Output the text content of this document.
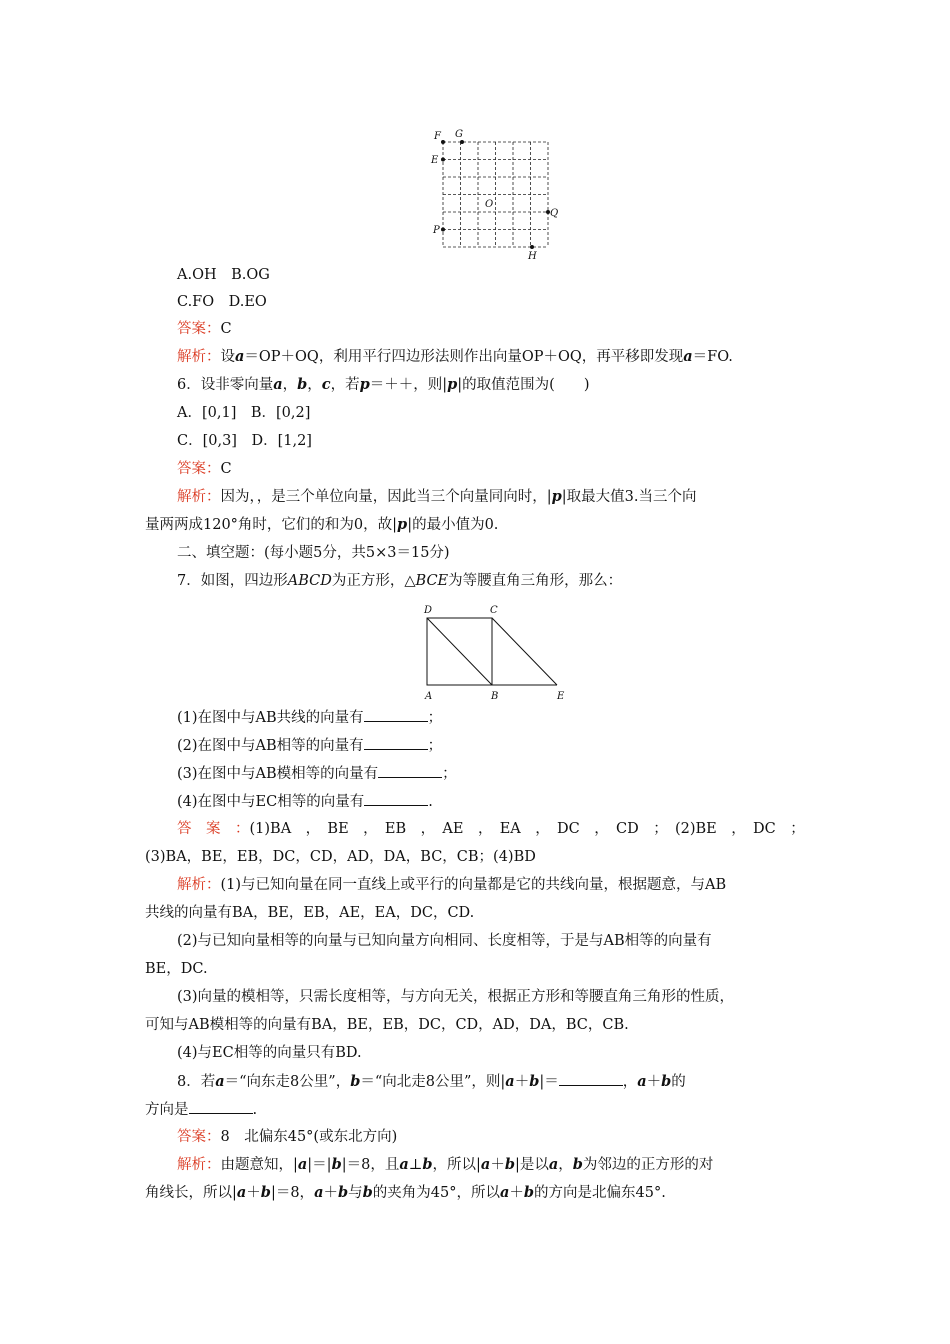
F G
E
O
Q
P
H
A.OH　B.OG
C.FO　D.EO
答案：C
解析：设a＝OP＋OQ，利用平行四边形法则作出向量OP＋OQ，再平移即发现a＝FO.
6．设非零向量a，b，c，若p＝＋＋，则|p|的取值范围为(　　)
A．[0,1]　B．[0,2]
C．[0,3]　D．[1,2]
答案：C
解析：因为，，是三个单位向量，因此当三个向量同向时，|p|取最大值3.当三个向
量两两成120°角时，它们的和为0，故|p|的最小值为0.
二、填空题：(每小题5分，共5×3＝15分)
7．如图，四边形ABCD为正方形，△BCE为等腰直角三角形，那么：
D	C
A	B	E
(1)在图中与AB共线的向量有	；
(2)在图中与AB相等的向量有	；
(3)在图中与AB模相等的向量有	；
(4)在图中与EC相等的向量有	.
答　案　：(1)BA　，　BE　，　EB　，　AE　，　EA　，　DC　，　CD　；　(2)BE　，　DC　；
(3)BA，BE，EB，DC，CD，AD，DA，BC，CB；(4)BD
解析：(1)与已知向量在同一直线上或平行的向量都是它的共线向量，根据题意，与AB
共线的向量有BA，BE，EB，AE，EA，DC，CD.
(2)与已知向量相等的向量与已知向量方向相同、长度相等，于是与AB相等的向量有
BE，DC.
(3)向量的模相等，只需长度相等，与方向无关，根据正方形和等腰直角三角形的性质，
可知与AB模相等的向量有BA，BE，EB，DC，CD，AD，DA，BC，CB.
(4)与EC相等的向量只有BD.
8．若a＝“向东走8公里”，b＝“向北走8公里”，则|a＋b|＝	，a＋b的
方向是	.
答案：8　北偏东45°(或东北方向)
解析：由题意知，|a|＝|b|＝8，且a⊥b，所以|a＋b|是以a，b为邻边的正方形的对
角线长，所以|a＋b|＝8，a＋b与b的夹角为45°，所以a＋b的方向是北偏东45°.
